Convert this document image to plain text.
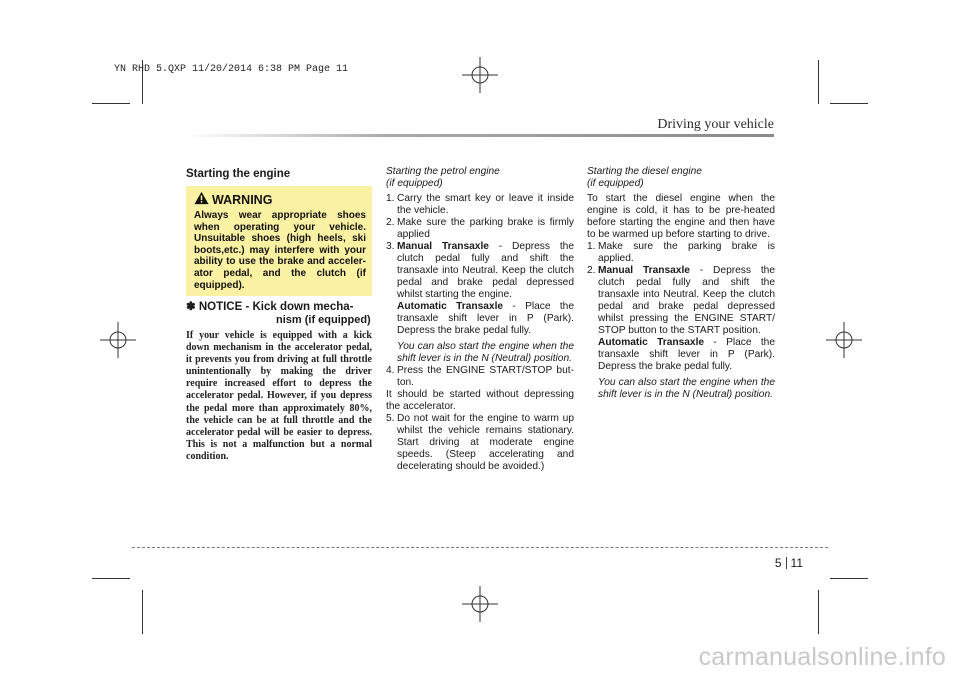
YN RHD 5.QXP 11/20/2014 6:38 PM Page 11
Driving your vehicle
Starting the engine
WARNING
Always wear appropriate shoes when operating your vehicle. Unsuitable shoes (high heels, ski boots,etc.) may interfere with your ability to use the brake and acceler-ator pedal, and the clutch (if equipped).
✽ NOTICE - Kick down mecha-
nism (if equipped)
If your vehicle is equipped with a kick down mechanism in the accelerator pedal, it prevents you from driving at full throttle unintentionally by making the driver require increased effort to depress the accelerator pedal. However, if you depress the pedal more than approximately 80%, the vehicle can be at full throttle and the accelerator pedal will be easier to depress. This is not a malfunction but a normal condition.

Starting the petrol engine
(if equipped)

1. Carry the smart key or leave it inside the vehicle.
2. Make sure the parking brake is firmly applied
3. Manual Transaxle - Depress the clutch pedal fully and shift the transaxle into Neutral. Keep the clutch pedal and brake pedal depressed whilst starting the engine.
Automatic Transaxle - Place the transaxle shift lever in P (Park). Depress the brake pedal fully.
You can also start the engine when the shift lever is in the N (Neutral) position.
4. Press the ENGINE START/STOP but-ton.

It should be started without depressing the accelerator.

5. Do not wait for the engine to warm up whilst the vehicle remains stationary. Start driving at moderate engine speeds. (Steep accelerating and decelerating should be avoided.)

Starting the diesel engine
(if equipped)

To start the diesel engine when the engine is cold, it has to be pre-heated before starting the engine and then have to be warmed up before starting to drive.

1. Make sure the parking brake is applied.
2. Manual Transaxle - Depress the clutch pedal fully and shift the transaxle into Neutral. Keep the clutch pedal and brake pedal depressed whilst pressing the ENGINE START/ STOP button to the START position.
Automatic Transaxle - Place the transaxle shift lever in P (Park). Depress the brake pedal fully.
You can also start the engine when the shift lever is in the N (Neutral) position.
5 11
carmanualsonline.info
